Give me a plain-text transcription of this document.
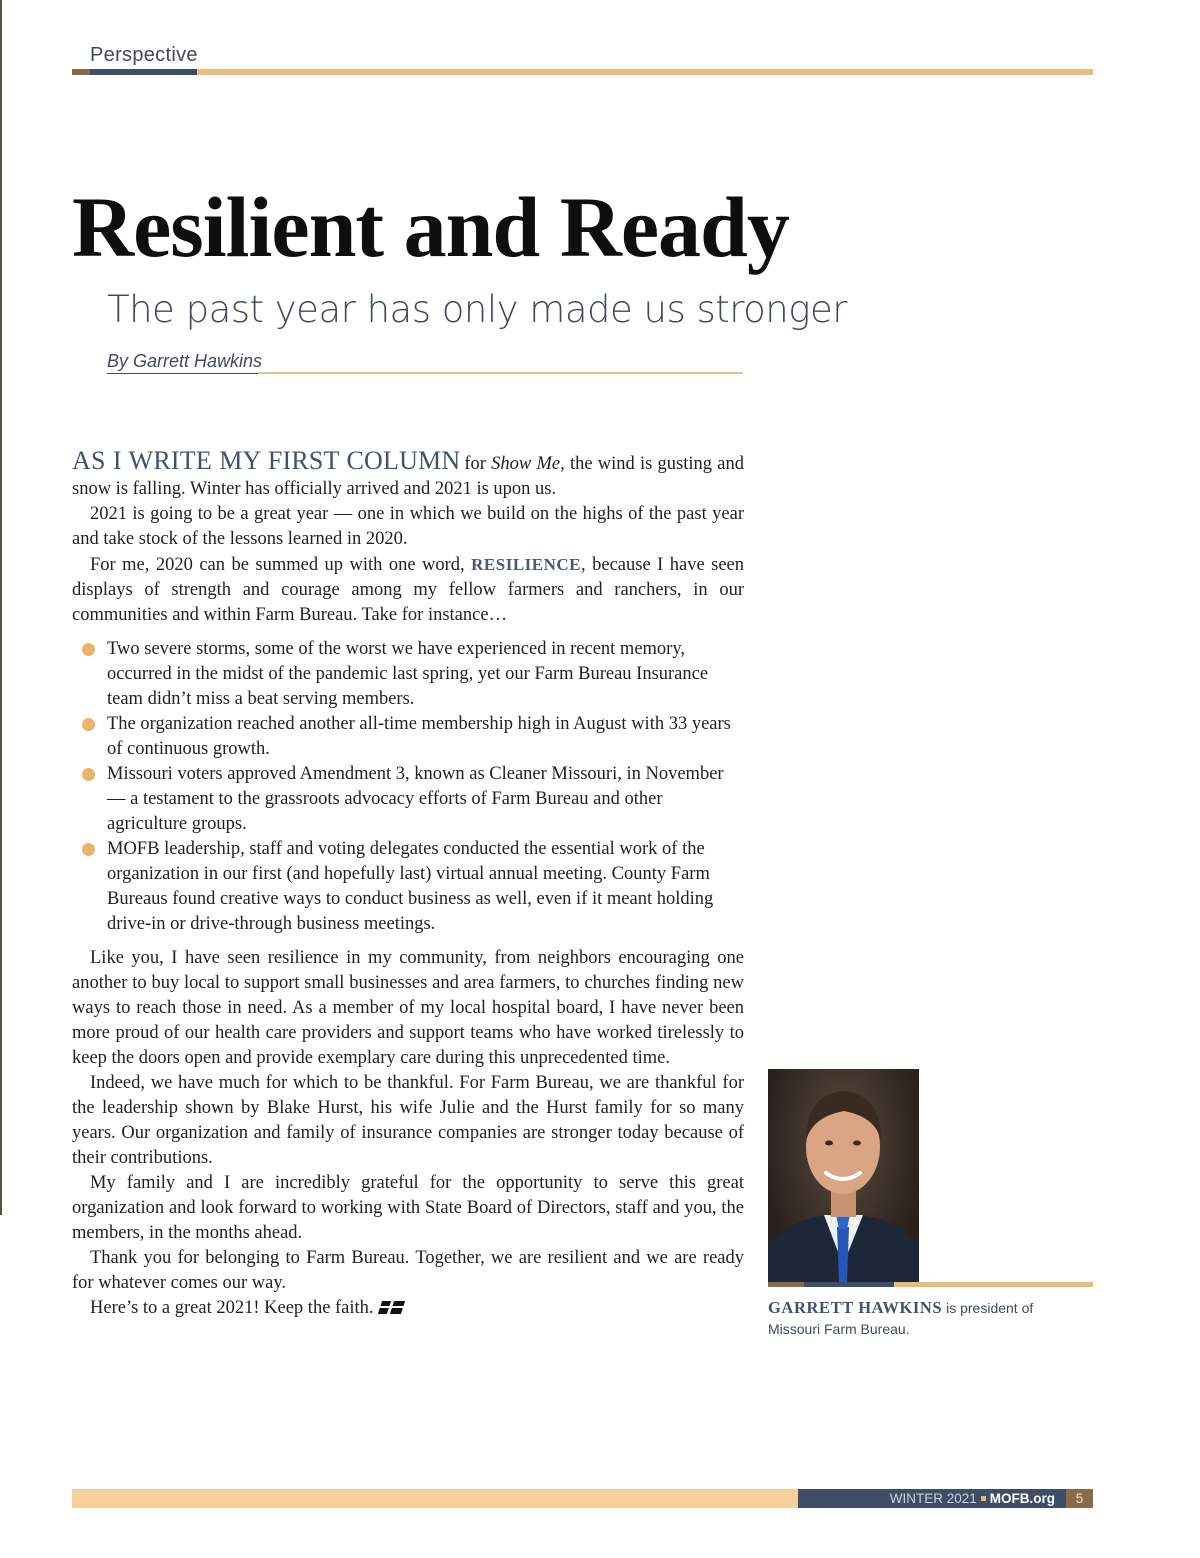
Perspective
Resilient and Ready
The past year has only made us stronger
By Garrett Hawkins

AS I WRITE MY FIRST COLUMN for Show Me, the wind is gusting and snow is falling. Winter has officially arrived and 2021 is upon us.

2021 is going to be a great year — one in which we build on the highs of the past year and take stock of the lessons learned in 2020.

For me, 2020 can be summed up with one word, RESILIENCE, because I have seen displays of strength and courage among my fellow farmers and ranchers, in our communities and within Farm Bureau. Take for instance…

Two severe storms, some of the worst we have experienced in recent memory, occurred in the midst of the pandemic last spring, yet our Farm Bureau Insurance team didn’t miss a beat serving members.
The organization reached another all-time membership high in August with 33 years of continuous growth.
Missouri voters approved Amendment 3, known as Cleaner Missouri, in November — a testament to the grassroots advocacy efforts of Farm Bureau and other agriculture groups.
MOFB leadership, staff and voting delegates conducted the essential work of the organization in our first (and hopefully last) virtual annual meeting. County Farm Bureaus found creative ways to conduct business as well, even if it meant holding drive-in or drive-through business meetings.

Like you, I have seen resilience in my community, from neighbors encouraging one another to buy local to support small businesses and area farmers, to churches finding new ways to reach those in need. As a member of my local hospital board, I have never been more proud of our health care providers and support teams who have worked tirelessly to keep the doors open and provide exemplary care during this unprecedented time.

Indeed, we have much for which to be thankful. For Farm Bureau, we are thankful for the leadership shown by Blake Hurst, his wife Julie and the Hurst family for so many years. Our organization and family of insurance companies are stronger today because of their contributions.

My family and I are incredibly grateful for the opportunity to serve this great organization and look forward to working with State Board of Directors, staff and you, the members, in the months ahead.

Thank you for belonging to Farm Bureau. Together, we are resilient and we are ready for whatever comes our way.

Here’s to a great 2021! Keep the faith.	GARRETT HAWKINS is president of Missouri Farm Bureau.
WINTER 2021 MOFB.org	5
